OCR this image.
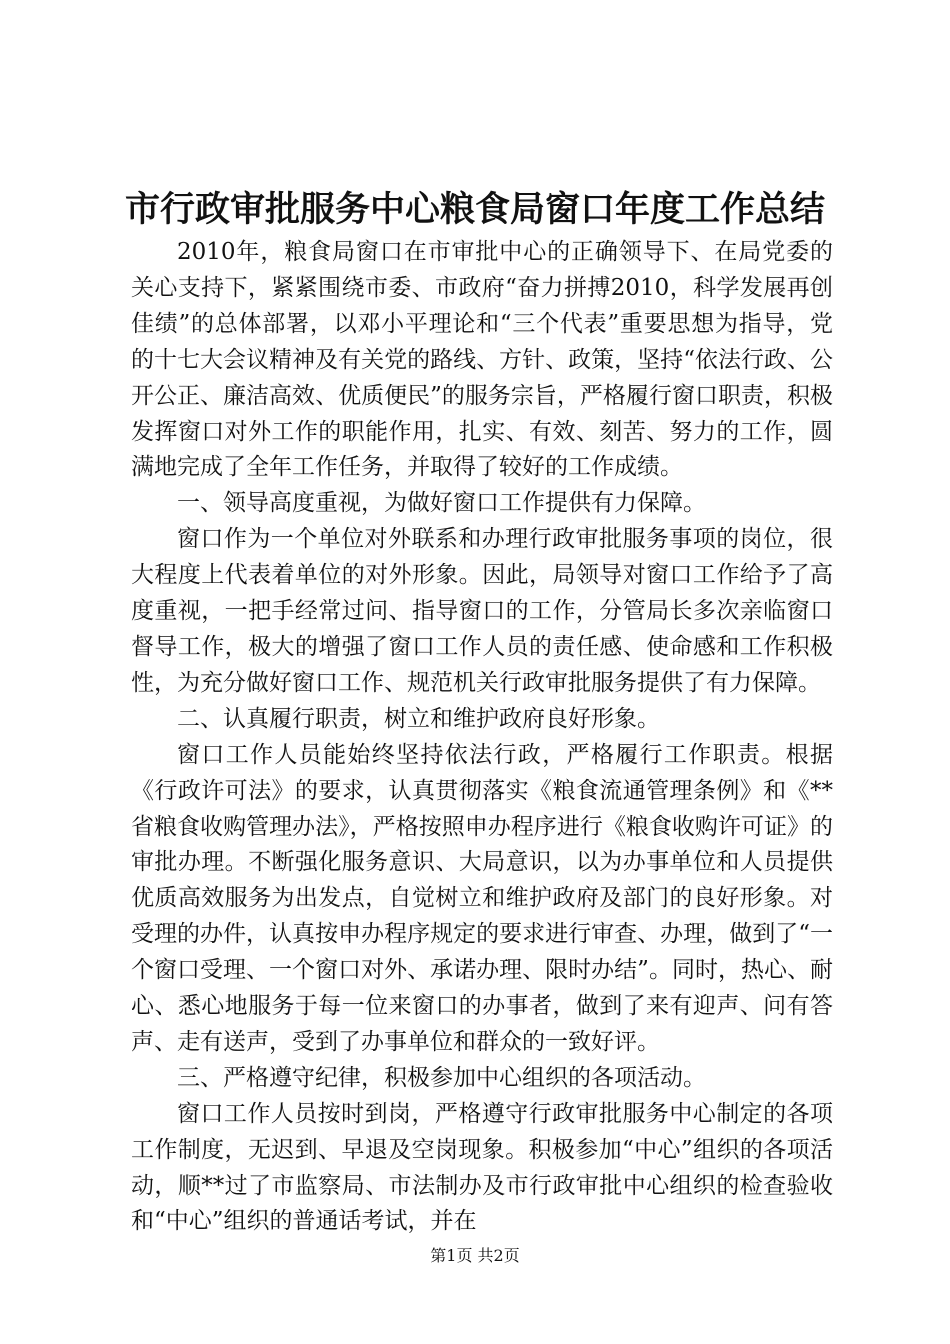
市行政审批服务中心粮食局窗口年度工作总结

2010年，粮食局窗口在市审批中心的正确领导下、在局党委的关心支持下，紧紧围绕市委、市政府“奋力拼搏2010，科学发展再创佳绩”的总体部署，以邓小平理论和“三个代表”重要思想为指导，党的十七大会议精神及有关党的路线、方针、政策，坚持“依法行政、公开公正、廉洁高效、优质便民”的服务宗旨，严格履行窗口职责，积极发挥窗口对外工作的职能作用，扎实、有效、刻苦、努力的工作，圆满地完成了全年工作任务，并取得了较好的工作成绩。

一、领导高度重视，为做好窗口工作提供有力保障。

窗口作为一个单位对外联系和办理行政审批服务事项的岗位，很大程度上代表着单位的对外形象。因此，局领导对窗口工作给予了高度重视，一把手经常过问、指导窗口的工作，分管局长多次亲临窗口督导工作，极大的增强了窗口工作人员的责任感、使命感和工作积极性，为充分做好窗口工作、规范机关行政审批服务提供了有力保障。

二、认真履行职责，树立和维护政府良好形象。

窗口工作人员能始终坚持依法行政，严格履行工作职责。根据《行政许可法》的要求，认真贯彻落实《粮食流通管理条例》和《**省粮食收购管理办法》，严格按照申办程序进行《粮食收购许可证》的审批办理。不断强化服务意识、大局意识，以为办事单位和人员提供优质高效服务为出发点，自觉树立和维护政府及部门的良好形象。对受理的办件，认真按申办程序规定的要求进行审查、办理，做到了“一个窗口受理、一个窗口对外、承诺办理、限时办结”。同时，热心、耐心、悉心地服务于每一位来窗口的办事者，做到了来有迎声、问有答声、走有送声，受到了办事单位和群众的一致好评。

三、严格遵守纪律，积极参加中心组织的各项活动。

窗口工作人员按时到岗，严格遵守行政审批服务中心制定的各项工作制度，无迟到、早退及空岗现象。积极参加“中心”组织的各项活动，顺**过了市监察局、市法制办及市行政审批中心组织的检查验收和“中心”组织的普通话考试，并在

第1页 共2页
